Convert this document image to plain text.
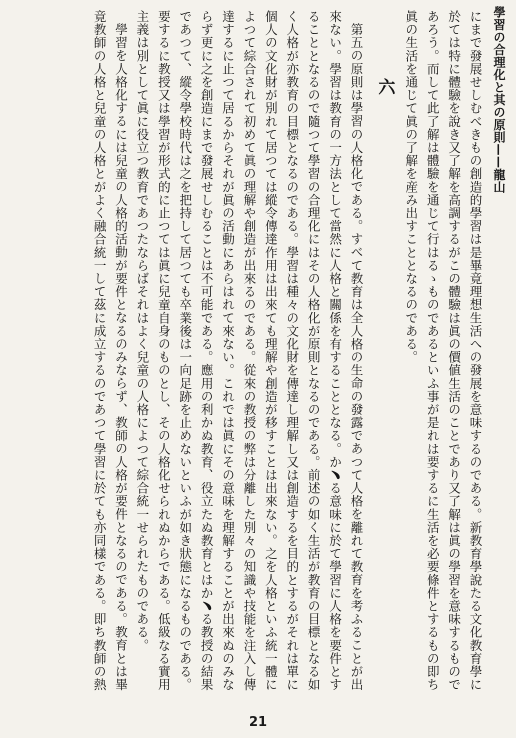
學習の合理化と其の原則——龍山

にまで發展せしむべきもの創造的學習は是畢竟理想生活への發展を意味するのである。新教育學說たる文化教育學に於ては特に體驗を說き又了解を高調するがこの體驗は眞の價値生活のことであり又了解は眞の學習を意味するものであろう。而して此了解は體驗を通じて行はるゝものであるといふ事が是れは要するに生活を必要條件とするもの即ち眞の生活を通じて眞の了解を産み出すこととなるのである。

六

第五の原則は學習の人格化である。すべて教育は全人格の生命の發露であつて人格を離れて教育を考ふることが出來ない。學習は教育の一方法として當然に人格と關係を有することとなる。か﹅る意味に於て學習に人格を要件とすることとなるので隨つて學習の合理化にはその人格化が原則となるのである。前述の如く生活が教育の目標となる如く人格が亦教育の目標となるのである。學習は種々の文化財を傳達し理解し又は創造するを目的とするがそれは單に個人の文化財が別れて居つては縱令傳達作用は出來ても理解や創造が移すことは出來ない。之を人格といふ統一體によつて綜合されて初めて眞の理解や創造が出來るのである。從來の教授の弊は分離した別々の知識や技能を注入し傳達するに止つて居るからそれが眞の活動にあらはれて來ない。これでは眞にその意味を理解することが出來ぬのみならず更に之を創造にまで發展せしむることは不可能である。應用の利かぬ教育、役立たぬ教育とはか﹅る教授の結果であつて、縱令學校時代は之を把持して居つても卒業後は一向足跡を止めないといふが如き狀態になるものである。要するに教授又は學習が形式的に止つては眞に兒童自身のものとし、その人格化せられぬからである。低級なる實用主義は別として眞に役立つ教育であつたならばそれはよく兒童の人格によつて綜合統一せられたものである。

學習を人格化するには兒童の人格的活動が要件となるのみならず、教師の人格が要件となるのである。教育とは畢竟教師の人格と兒童の人格とがよく融合統一して茲に成立するのであつて學習に於ても亦同樣である。即ち教師の熱

21
